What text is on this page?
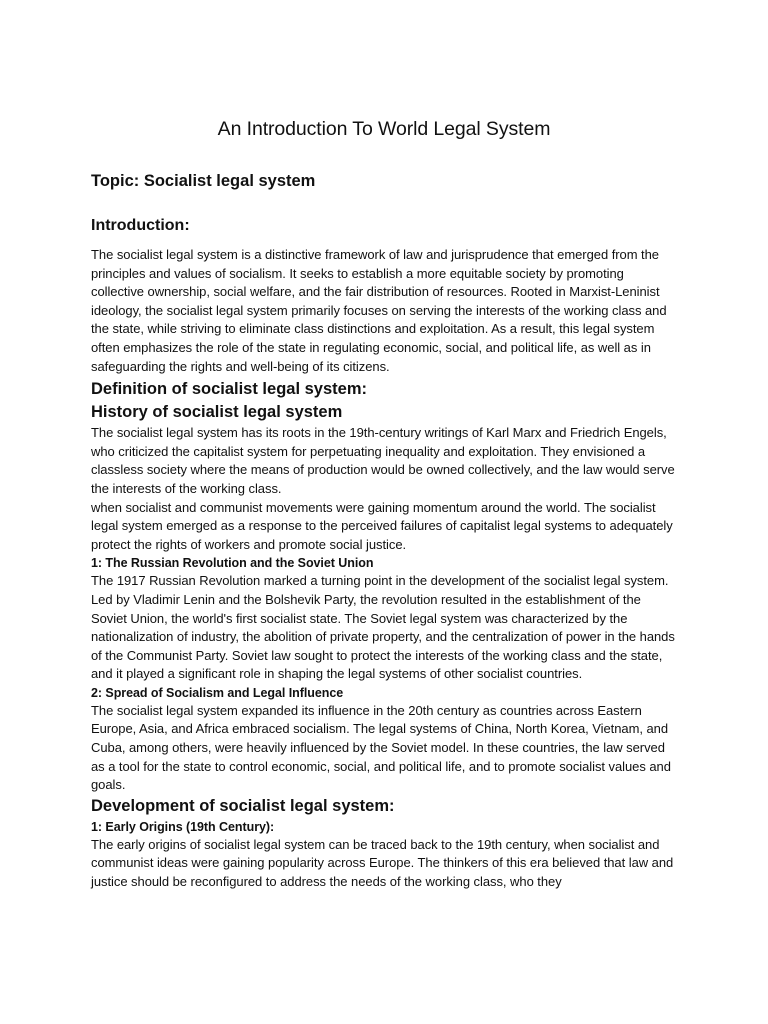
An Introduction To World Legal System
Topic: Socialist legal system
Introduction:

The socialist legal system is a distinctive framework of law and jurisprudence that emerged from the principles and values of socialism. It seeks to establish a more equitable society by promoting collective ownership, social welfare, and the fair distribution of resources. Rooted in Marxist-Leninist ideology, the socialist legal system primarily focuses on serving the interests of the working class and the state, while striving to eliminate class distinctions and exploitation. As a result, this legal system often emphasizes the role of the state in regulating economic, social, and political life, as well as in safeguarding the rights and well-being of its citizens.

Definition of socialist legal system:
History of socialist legal system

The socialist legal system has its roots in the 19th-century writings of Karl Marx and Friedrich Engels, who criticized the capitalist system for perpetuating inequality and exploitation. They envisioned a classless society where the means of production would be owned collectively, and the law would serve the interests of the working class.

when socialist and communist movements were gaining momentum around the world. The socialist legal system emerged as a response to the perceived failures of capitalist legal systems to adequately protect the rights of workers and promote social justice.

1: The Russian Revolution and the Soviet Union

The 1917 Russian Revolution marked a turning point in the development of the socialist legal system. Led by Vladimir Lenin and the Bolshevik Party, the revolution resulted in the establishment of the Soviet Union, the world's first socialist state. The Soviet legal system was characterized by the nationalization of industry, the abolition of private property, and the centralization of power in the hands of the Communist Party. Soviet law sought to protect the interests of the working class and the state, and it played a significant role in shaping the legal systems of other socialist countries.

2: Spread of Socialism and Legal Influence

The socialist legal system expanded its influence in the 20th century as countries across Eastern Europe, Asia, and Africa embraced socialism. The legal systems of China, North Korea, Vietnam, and Cuba, among others, were heavily influenced by the Soviet model. In these countries, the law served as a tool for the state to control economic, social, and political life, and to promote socialist values and goals.

Development of socialist legal system:
1: Early Origins (19th Century):

The early origins of socialist legal system can be traced back to the 19th century, when socialist and communist ideas were gaining popularity across Europe. The thinkers of this era believed that law and justice should be reconfigured to address the needs of the working class, who they
